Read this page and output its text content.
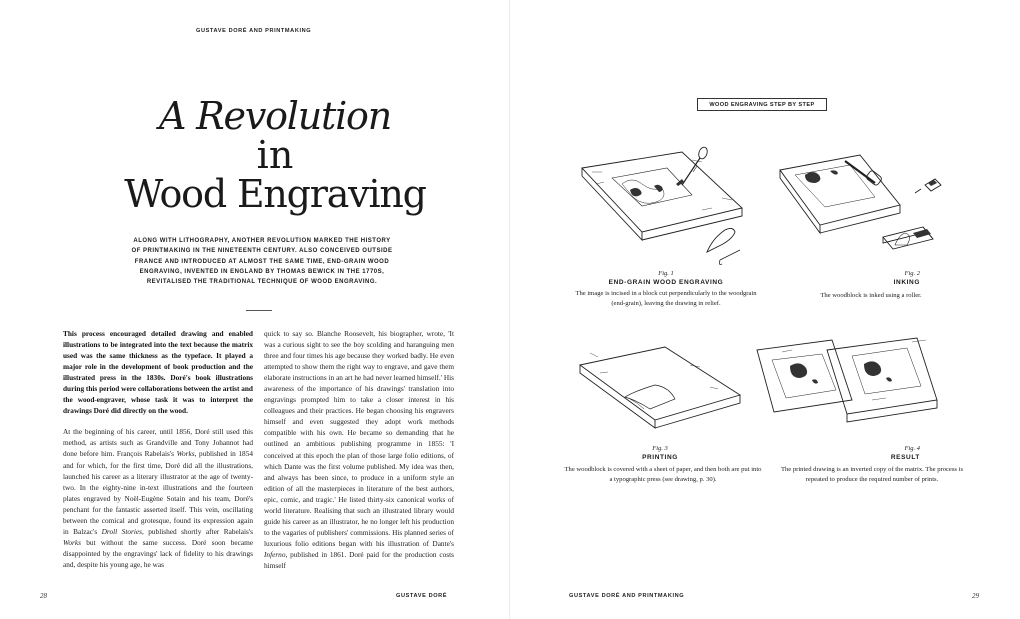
GUSTAVE DORÉ AND PRINTMAKING
A Revolution
in
Wood Engraving
ALONG WITH LITHOGRAPHY, ANOTHER REVOLUTION MARKED THE HISTORY OF PRINTMAKING IN THE NINETEENTH CENTURY. ALSO CONCEIVED OUTSIDE FRANCE AND INTRODUCED AT ALMOST THE SAME TIME, END-GRAIN WOOD ENGRAVING, INVENTED IN ENGLAND BY THOMAS BEWICK IN THE 1770S, REVITALISED THE TRADITIONAL TECHNIQUE OF WOOD ENGRAVING.

This process encouraged detailed drawing and enabled illustrations to be integrated into the text because the matrix used was the same thickness as the typeface. It played a major role in the development of book production and the illustrated press in the 1830s. Doré's book illustrations during this period were collaborations between the artist and the wood-engraver, whose task it was to interpret the drawings Doré did directly on the wood.

At the beginning of his career, until 1856, Doré still used this method, as artists such as Grandville and Tony Johannot had done before him. François Rabelais's Works, published in 1854 and for which, for the first time, Doré did all the illustrations, launched his career as a literary illustrator at the age of twenty-two. In the eighty-nine in-text illustrations and the fourteen plates engraved by Noël-Eugène Sotain and his team, Doré's penchant for the fantastic asserted itself. This vein, oscillating between the comical and grotesque, found its expression again in Balzac's Droll Stories, published shortly after Rabelais's Works but without the same success. Doré soon became disappointed by the engravings' lack of fidelity to his drawings and, despite his young age, he was

quick to say so. Blanche Roosevelt, his biographer, wrote, 'It was a curious sight to see the boy scolding and haranguing men three and four times his age because they worked badly. He even attempted to show them the right way to engrave, and gave them elaborate instructions in an art he had never learned himself.' His awareness of the importance of his drawings' translation into engravings prompted him to take a closer interest in his colleagues and their practices. He began choosing his engravers himself and even suggested they adopt work methods compatible with his own. He became so demanding that he outlined an ambitious publishing programme in 1855: 'I conceived at this epoch the plan of those large folio editions, of which Dante was the first volume published. My idea was then, and always has been since, to produce in a uniform style an edition of all the masterpieces in literature of the best authors, epic, comic, and tragic.' He listed thirty-six canonical works of world literature. Realising that such an illustrated library would guide his career as an illustrator, he no longer left his production to the vagaries of publishers' commissions. His planned series of luxurious folio editions began with his illustration of Dante's Inferno, published in 1861. Doré paid for the production costs himself

28	GUSTAVE DORÉ
WOOD ENGRAVING STEP BY STEP
Fig. 1
END-GRAIN WOOD ENGRAVING
The image is incised in a block cut perpendicularly to the woodgrain (end-grain), leaving the drawing in relief.
Fig. 2
INKING
The woodblock is inked using a roller.
Fig. 3
PRINTING
The woodblock is covered with a sheet of paper, and then both are put into a typographic press (see drawing, p. 30).
Fig. 4
RESULT
The printed drawing is an inverted copy of the matrix. The process is repeated to produce the required number of prints.
GUSTAVE DORÉ AND PRINTMAKING	29
